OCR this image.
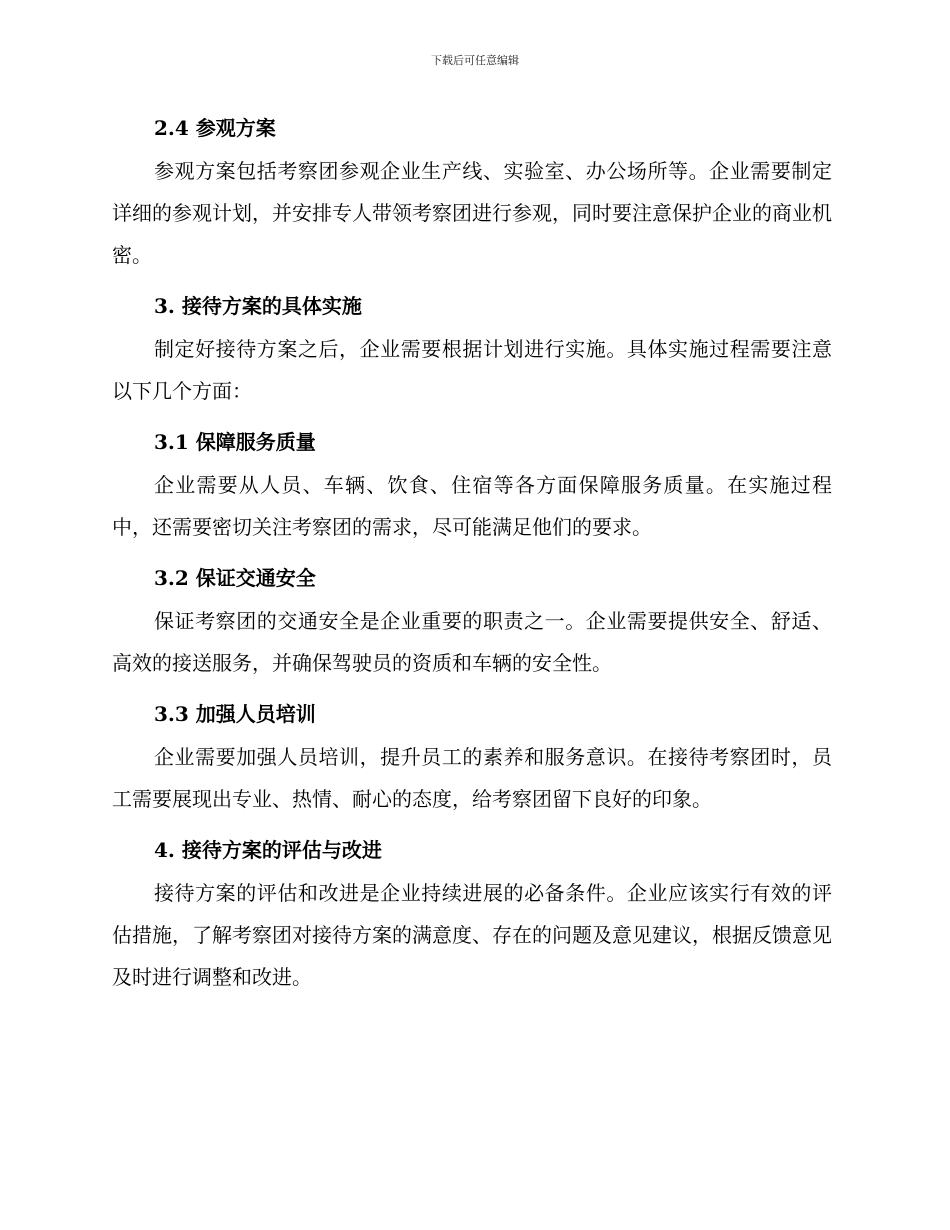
下载后可任意编辑
2.4 参观方案

参观方案包括考察团参观企业生产线、实验室、办公场所等。企业需要制定详细的参观计划，并安排专人带领考察团进行参观，同时要注意保护企业的商业机密。

3. 接待方案的具体实施

制定好接待方案之后，企业需要根据计划进行实施。具体实施过程需要注意以下几个方面：

3.1 保障服务质量

企业需要从人员、车辆、饮食、住宿等各方面保障服务质量。在实施过程中，还需要密切关注考察团的需求，尽可能满足他们的要求。

3.2 保证交通安全

保证考察团的交通安全是企业重要的职责之一。企业需要提供安全、舒适、高效的接送服务，并确保驾驶员的资质和车辆的安全性。

3.3 加强人员培训

企业需要加强人员培训，提升员工的素养和服务意识。在接待考察团时，员工需要展现出专业、热情、耐心的态度，给考察团留下良好的印象。

4. 接待方案的评估与改进

接待方案的评估和改进是企业持续进展的必备条件。企业应该实行有效的评估措施，了解考察团对接待方案的满意度、存在的问题及意见建议，根据反馈意见及时进行调整和改进。
